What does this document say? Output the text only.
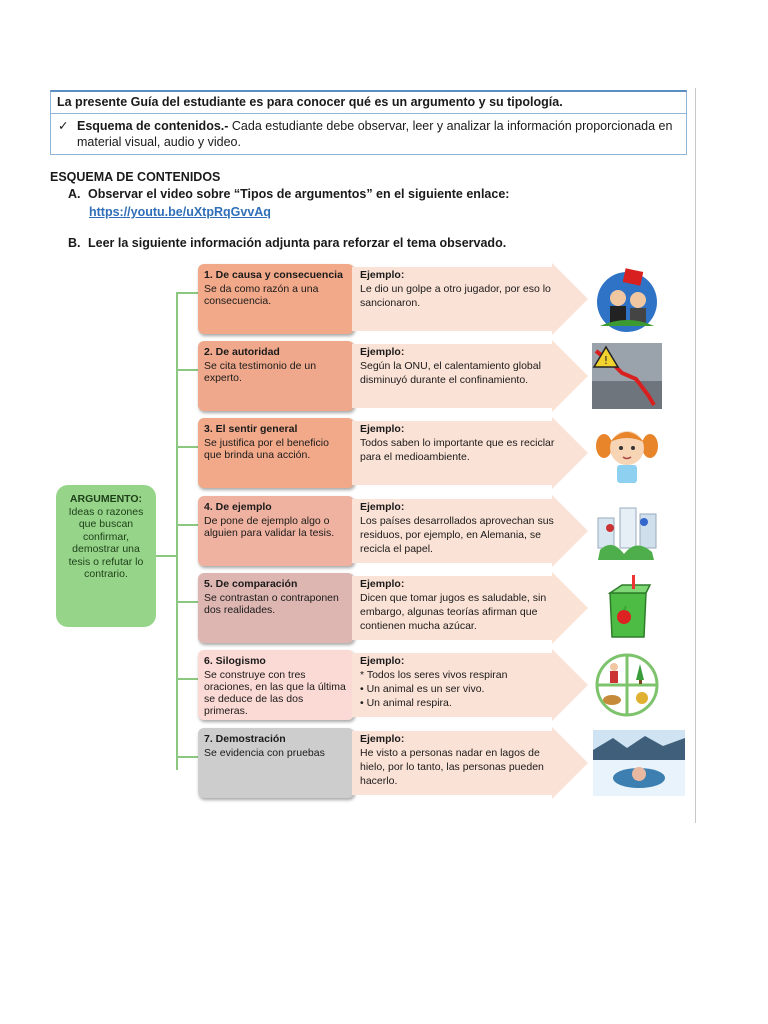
La presente Guía del estudiante es para conocer qué es un argumento y su tipología.
✓ Esquema de contenidos.- Cada estudiante debe observar, leer y analizar la información proporcionada en material visual, audio y video.
ESQUEMA DE CONTENIDOS
A. Observar el video sobre “Tipos de argumentos” en el siguiente enlace:
https://youtu.be/uXtpRqGvvAq
B. Leer la siguiente información adjunta para reforzar el tema observado.
ARGUMENTO:
Ideas o razones que buscan confirmar, demostrar una tesis o refutar lo contrario.
1. De causa y consecuencia
Se da como razón a una consecuencia.
Ejemplo:
Le dio un golpe a otro jugador, por eso lo sancionaron.
2. De autoridad
Se cita testimonio de un experto.
Ejemplo:
Según la ONU, el calentamiento global disminuyó durante el confinamiento.
3. El sentir general
Se justifica por el beneficio que brinda una acción.
Ejemplo:
Todos saben lo importante que es reciclar para el medioambiente.
4. De ejemplo
De pone de ejemplo algo o alguien para validar la tesis.
Ejemplo:
Los países desarrollados aprovechan sus residuos, por ejemplo, en Alemania, se recicla el papel.
5. De comparación
Se contrastan o contraponen dos realidades.
Ejemplo:
Dicen que tomar jugos es saludable, sin embargo, algunas teorías afirman que contienen mucha azúcar.
6. Silogismo
Se construye con tres oraciones, en las que la última se deduce de las dos primeras.
Ejemplo:
* Todos los seres vivos respiran
• Un animal es un ser vivo.
• Un animal respira.
7. Demostración
Se evidencia con pruebas
Ejemplo:
He visto a personas nadar en lagos de hielo, por lo tanto, las personas pueden hacerlo.
